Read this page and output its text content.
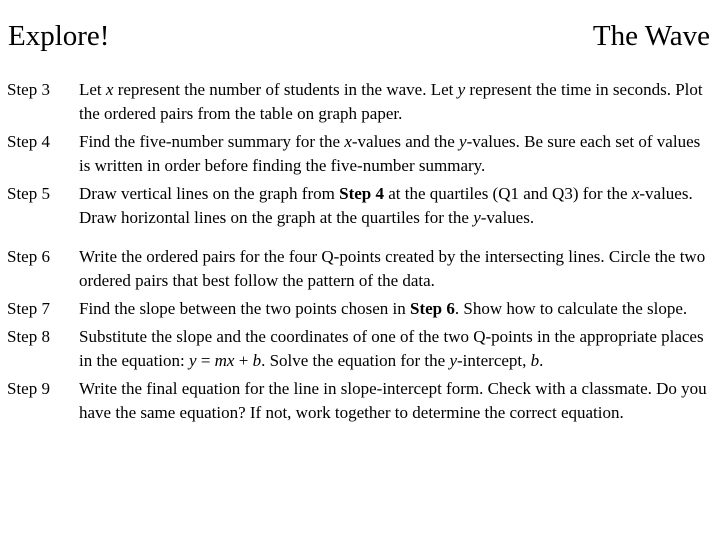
Explore!	The Wave
Step 3 Let x represent the number of students in the wave. Let y represent the time in seconds. Plot the ordered pairs from the table on graph paper.
Step 4 Find the five-number summary for the x-values and the y-values. Be sure each set of values is written in order before finding the five-number summary.
Step 5 Draw vertical lines on the graph from Step 4 at the quartiles (Q1 and Q3) for the x-values. Draw horizontal lines on the graph at the quartiles for the y-values.
Step 6 Write the ordered pairs for the four Q-points created by the intersecting lines. Circle the two ordered pairs that best follow the pattern of the data.
Step 7 Find the slope between the two points chosen in Step 6. Show how to calculate the slope.
Step 8 Substitute the slope and the coordinates of one of the two Q-points in the appropriate places in the equation: y = mx + b. Solve the equation for the y-intercept, b.
Step 9 Write the final equation for the line in slope-intercept form. Check with a classmate. Do you have the same equation? If not, work together to determine the correct equation.
